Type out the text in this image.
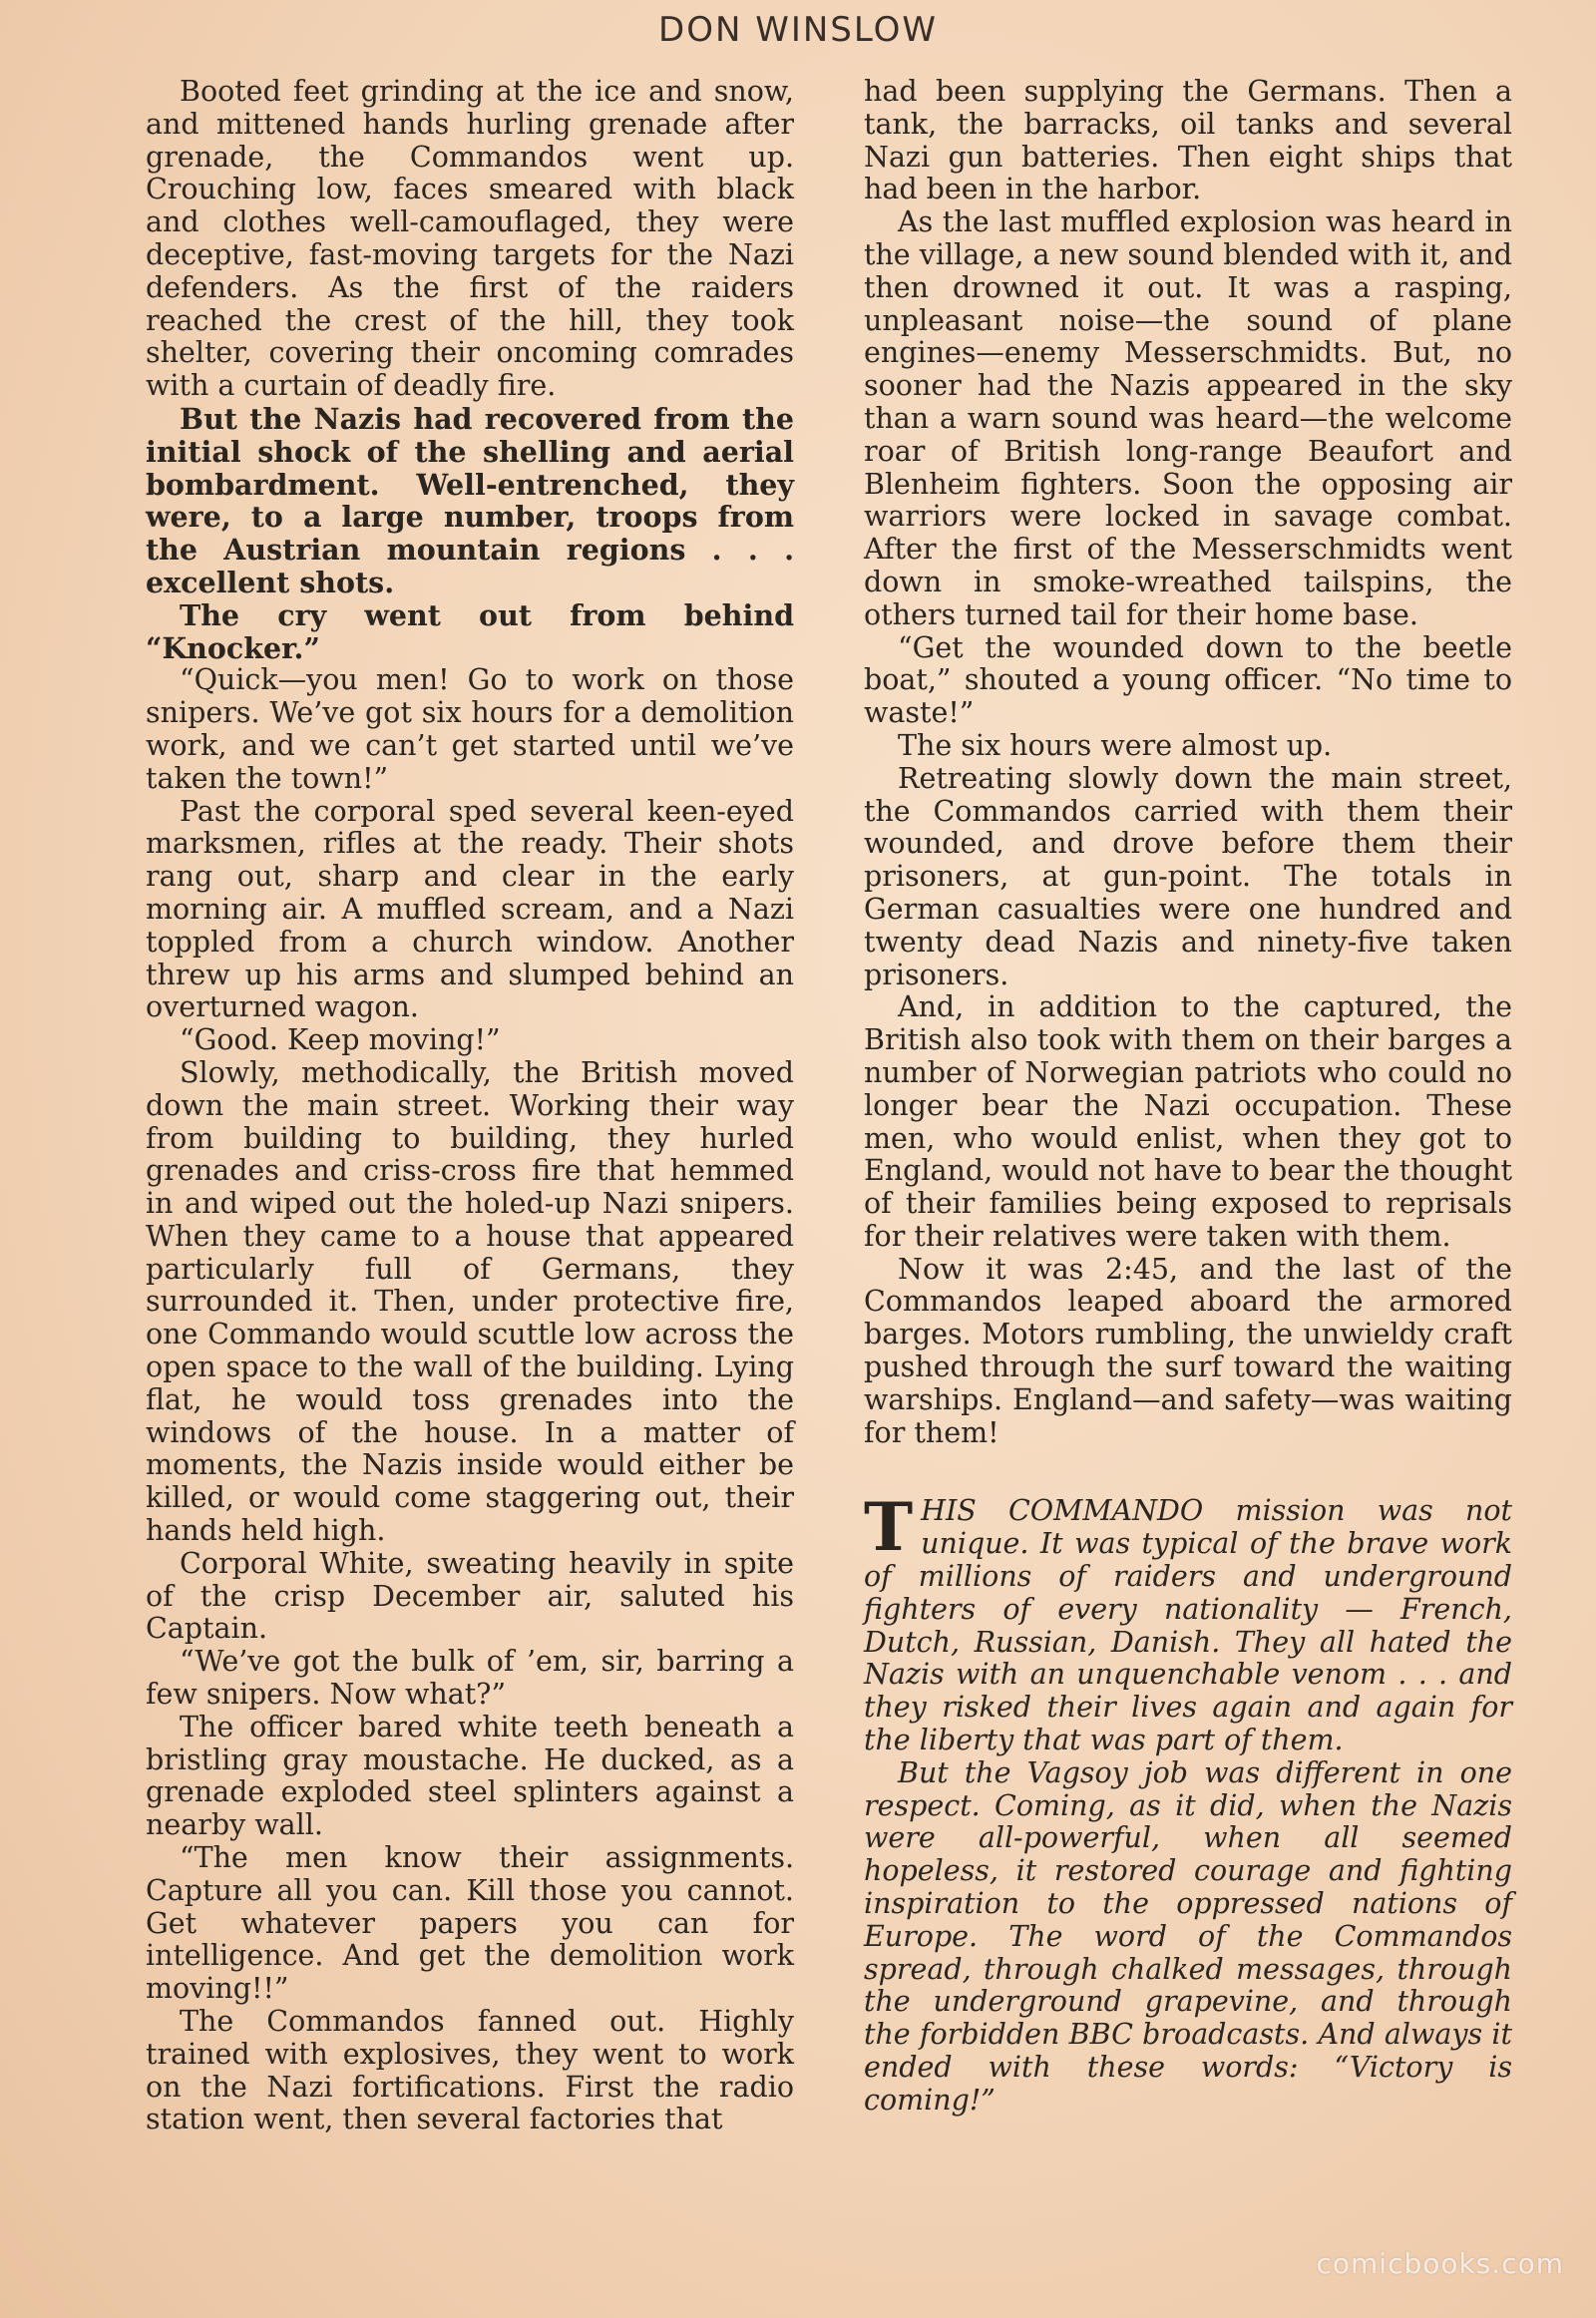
DON WINSLOW

Booted feet grinding at the ice and snow, and mittened hands hurling grenade after grenade, the Commandos went up. Crouching low, faces smeared with black and clothes well-camouflaged, they were deceptive, fast-moving targets for the Nazi defenders. As the first of the raiders reached the crest of the hill, they took shelter, covering their oncoming comrades with a curtain of deadly fire.

But the Nazis had recovered from the initial shock of the shelling and aerial bombardment. Well-entrenched, they were, to a large number, troops from the Austrian mountain regions . . . excellent shots.

The cry went out from behind “Knocker.”

“Quick—you men! Go to work on those snipers. We’ve got six hours for a demolition work, and we can’t get started until we’ve taken the town!”

Past the corporal sped several keen-eyed marksmen, rifles at the ready. Their shots rang out, sharp and clear in the early morning air. A muffled scream, and a Nazi toppled from a church window. Another threw up his arms and slumped behind an overturned wagon.

“Good. Keep moving!”

Slowly, methodically, the British moved down the main street. Working their way from building to building, they hurled grenades and criss-cross fire that hemmed in and wiped out the holed-up Nazi snipers. When they came to a house that appeared particularly full of Germans, they surrounded it. Then, under protective fire, one Commando would scuttle low across the open space to the wall of the building. Lying flat, he would toss grenades into the windows of the house. In a matter of moments, the Nazis inside would either be killed, or would come staggering out, their hands held high.

Corporal White, sweating heavily in spite of the crisp December air, saluted his Captain.

“We’ve got the bulk of ’em, sir, barring a few snipers. Now what?”

The officer bared white teeth beneath a bristling gray moustache. He ducked, as a grenade exploded steel splinters against a nearby wall.

“The men know their assignments. Capture all you can. Kill those you cannot. Get whatever papers you can for intelligence. And get the demolition work moving!!”

The Commandos fanned out. Highly trained with explosives, they went to work on the Nazi fortifications. First the radio station went, then several factories that

had been supplying the Germans. Then a tank, the barracks, oil tanks and several Nazi gun batteries. Then eight ships that had been in the harbor.

As the last muffled explosion was heard in the village, a new sound blended with it, and then drowned it out. It was a rasping, unpleasant noise—the sound of plane engines—enemy Messerschmidts. But, no sooner had the Nazis appeared in the sky than a warn sound was heard—the welcome roar of British long-range Beaufort and Blenheim fighters. Soon the opposing air warriors were locked in savage combat. After the first of the Messerschmidts went down in smoke-wreathed tailspins, the others turned tail for their home base.

“Get the wounded down to the beetle boat,” shouted a young officer. “No time to waste!”

The six hours were almost up.

Retreating slowly down the main street, the Commandos carried with them their wounded, and drove before them their prisoners, at gun-point. The totals in German casualties were one hundred and twenty dead Nazis and ninety-five taken prisoners.

And, in addition to the captured, the British also took with them on their barges a number of Norwegian patriots who could no longer bear the Nazi occupation. These men, who would enlist, when they got to England, would not have to bear the thought of their families being exposed to reprisals for their relatives were taken with them.

Now it was 2:45, and the last of the Commandos leaped aboard the armored barges. Motors rumbling, the unwieldy craft pushed through the surf toward the waiting warships. England—and safety—was waiting for them!

THIS COMMANDO mission was not unique. It was typical of the brave work of millions of raiders and underground fighters of every nationality — French, Dutch, Russian, Danish. They all hated the Nazis with an unquenchable venom . . . and they risked their lives again and again for the liberty that was part of them.

But the Vagsoy job was different in one respect. Coming, as it did, when the Nazis were all-powerful, when all seemed hopeless, it restored courage and fighting inspiration to the oppressed nations of Europe. The word of the Commandos spread, through chalked messages, through the underground grapevine, and through the forbidden BBC broadcasts. And always it ended with these words: “Victory is coming!”

comicbooks.com
